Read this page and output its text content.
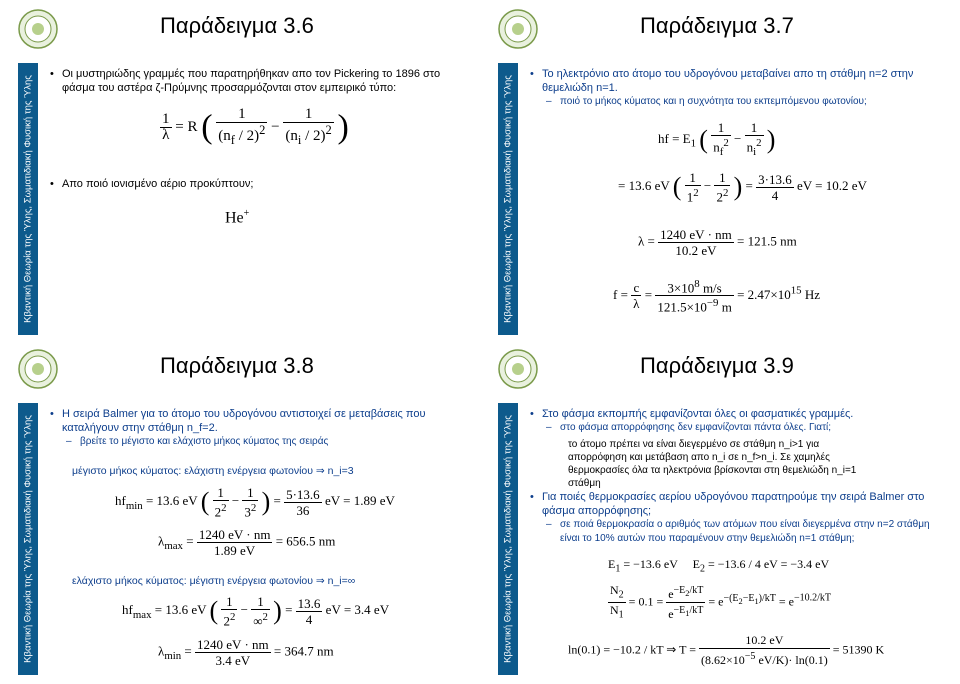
Παράδειγμα 3.6
Κβαντική Θεωρία της Ύλης, Σωματιδιακή Φυσική της Ύλης
• Οι μυστηριώδης γραμμές που παρατηρήθηκαν απο τον Pickering το 1896 στο φάσμα του αστέρα ζ-Πρύμνης προσαρμόζονται στον εμπειρικό τύπο:
$\frac{1}{\lambda} = R$ ( $\frac{1}{(n_f / 2)^2} - \frac{1}{(n_i / 2)^2}$ )
• Απο ποιό ιονισμένο αέριο προκύπτουν;
He+
Παράδειγμα 3.7
Κβαντική Θεωρία της Ύλης, Σωματιδιακή Φυσική της Ύλης
• Το ηλεκτρόνιο ατο άτομο του υδρογόνου μεταβαίνει απο τη στάθμη n=2 στην θεμελιώδη n=1.
– ποιό το μήκος κύματος και η συχνότητα του εκπεμπόμενου φωτονίου;
hf = $E_1$ ( $\frac{1}{n_f^2} - \frac{1}{n_i^2}$ )
= 13.6 eV ( $\frac{1}{1^2} - \frac{1}{2^2}$ ) = $\frac{3\cdot 13.6}{4}$ eV = 10.2 eV
$\lambda = \frac{1240 eV \cdot nm}{10.2 eV} = 121.5$ nm
$f = \frac{c}{\lambda} = \frac{3\times 10^8 m/s}{121.5\times 10^{-9} m} = 2.47\times 10^{15}$ Hz
Παράδειγμα 3.8
Κβαντική Θεωρία της Ύλης, Σωματιδιακή Φυσική της Ύλης
• Η σειρά Balmer για το άτομο του υδρογόνου αντιστοιχεί σε μεταβάσεις που καταλήγουν στην στάθμη n_f=2.
– βρείτε το μέγιστο και ελάχιστο μήκος κύματος της σειράς
μέγιστο μήκος κύματος: ελάχιστη ενέργεια φωτονίου ⇒ n_i=3
$hf_{min} = 13.6$ eV ( $\frac{1}{2^2} - \frac{1}{3^2}$ ) = $\frac{5\cdot 13.6}{36}$ eV = 1.89 eV
$\lambda_{max} = \frac{1240 eV \cdot nm}{1.89 eV} = 656.5$ nm
ελάχιστο μήκος κύματος: μέγιστη ενέργεια φωτονίου ⇒ n_i=∞
$hf_{max} = 13.6$ eV ( $\frac{1}{2^2} - \frac{1}{\infty^2}$ ) = $\frac{13.6}{4}$ eV = 3.4 eV
$\lambda_{min} = \frac{1240 eV \cdot nm}{3.4 eV} = 364.7$ nm
Παράδειγμα 3.9
Κβαντική Θεωρία της Ύλης, Σωματιδιακή Φυσική της Ύλης
• Στο φάσμα εκπομπής εμφανίζονται όλες οι φασματικές γραμμές.
– στο φάσμα απορρόφησης δεν εμφανίζονται πάντα όλες. Γιατί;
το άτομο πρέπει να είναι διεγερμένο σε στάθμη n_i>1 για απορρόφηση και μετάβαση απο n_i σε n_f>n_i. Σε χαμηλές θερμοκρασίες όλα τα ηλεκτρόνια βρίσκονται στη θεμελιώδη n_i=1 στάθμη
• Για ποιές θερμοκρασίες αερίου υδρογόνου παρατηρούμε την σειρά Balmer στο φάσμα απορρόφησης;
– σε ποιά θερμοκρασία ο αριθμός των ατόμων που είναι διεγερμένα στην n=2 στάθμη είναι το 10% αυτών που παραμένουν στην θεμελιώδη n=1 στάθμη;
$E_1 = -13.6$ eV     $E_2 = -13.6 / 4$ eV = −3.4 eV
$\frac{N_2}{N_1} = 0.1 = \frac{e^{-E_2/kT}}{e^{-E_1/kT}} = e^{-(E_2-E_1)/kT} = e^{-10.2/kT}$
ln(0.1) = −10.2 / kT ⇒ $T = \frac{10.2 eV}{(8.62\times 10^{-5} eV/K)\cdot \ln(0.1)} = 51390$ K
